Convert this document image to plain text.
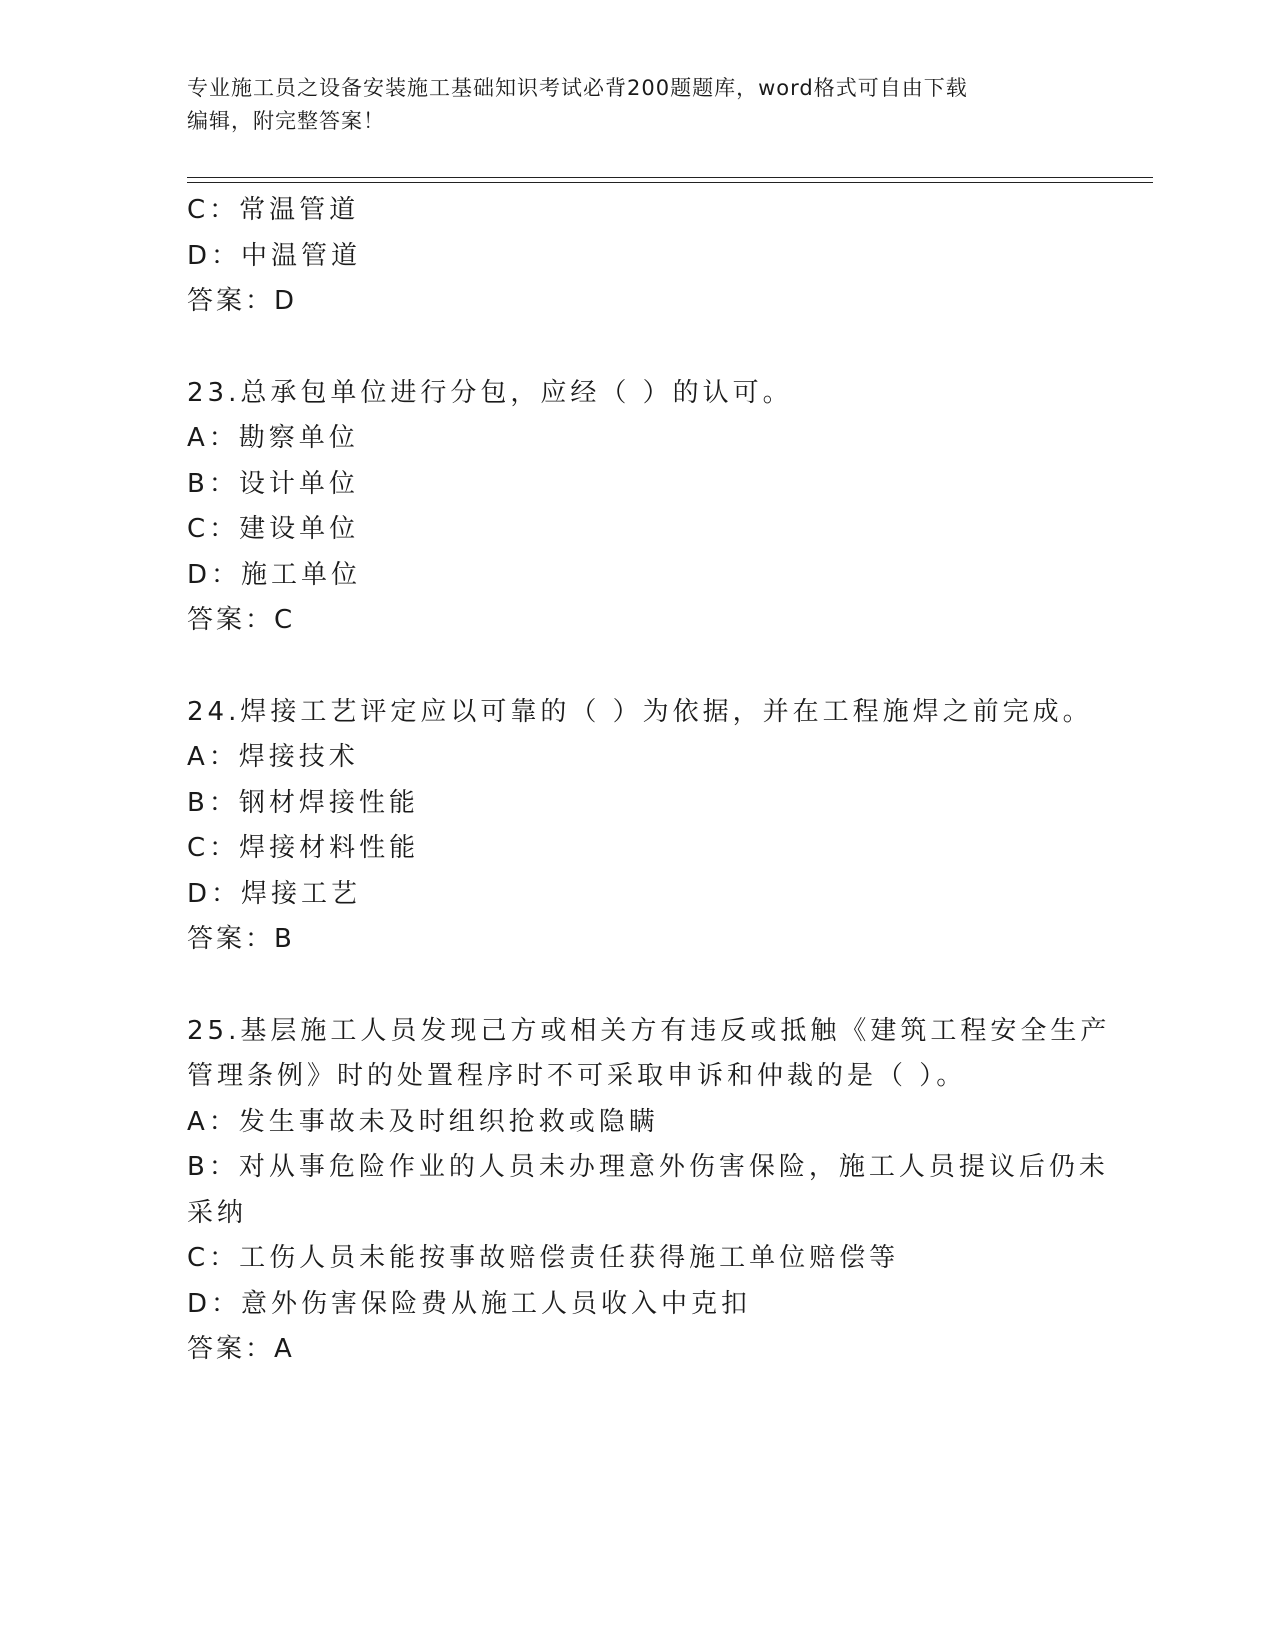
专业施工员之设备安装施工基础知识考试必背200题题库，word格式可自由下载
编辑，附完整答案！
C：常温管道
D：中温管道
答案：D
23.总承包单位进行分包，应经（ ）的认可。
A：勘察单位
B：设计单位
C：建设单位
D：施工单位
答案：C
24.焊接工艺评定应以可靠的（ ）为依据，并在工程施焊之前完成。
A：焊接技术
B：钢材焊接性能
C：焊接材料性能
D：焊接工艺
答案：B
25.基层施工人员发现己方或相关方有违反或抵触《建筑工程安全生产
管理条例》时的处置程序时不可采取申诉和仲裁的是（ ）。
A：发生事故未及时组织抢救或隐瞒
B：对从事危险作业的人员未办理意外伤害保险，施工人员提议后仍未
采纳
C：工伤人员未能按事故赔偿责任获得施工单位赔偿等
D：意外伤害保险费从施工人员收入中克扣
答案：A
